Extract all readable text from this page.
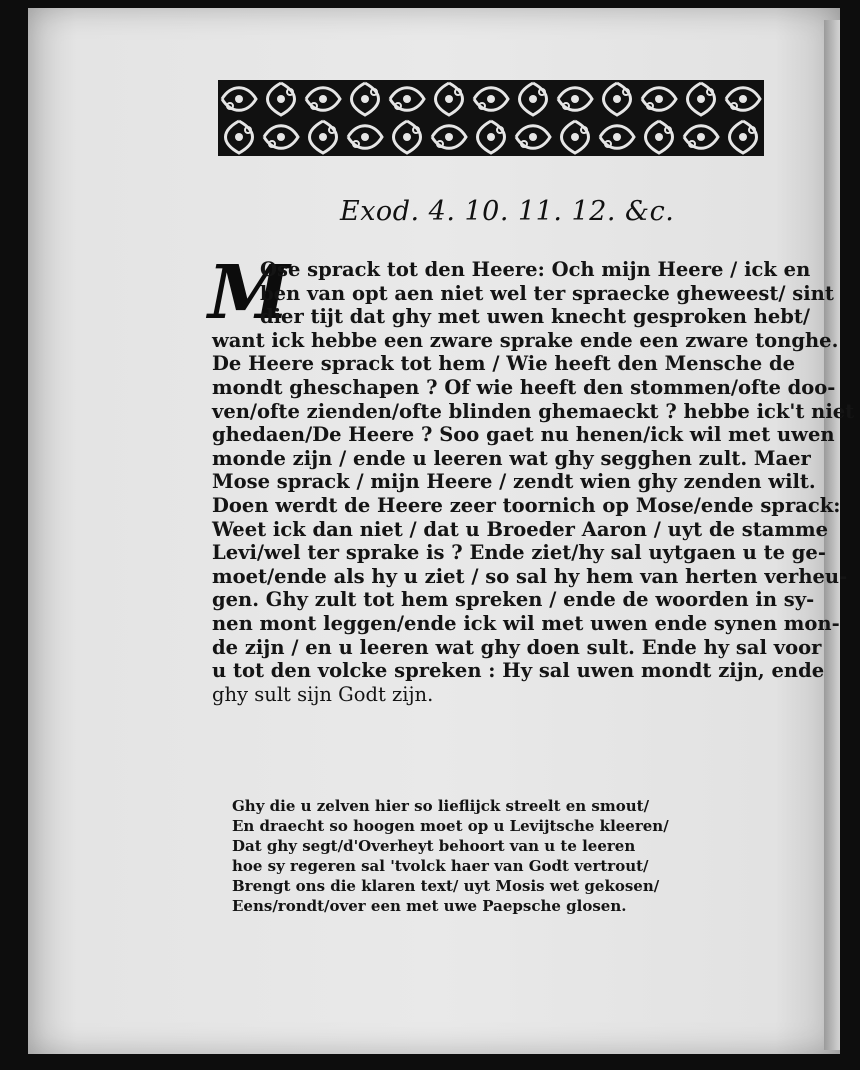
Exod. 4. 10. 11. 12. &c.
M
Ose sprack tot den Heere: Och mijn Heere / ick en
ben van opt aen niet wel ter spraecke gheweest/ sint
dier tijt dat ghy met uwen knecht gesproken hebt/
want ick hebbe een zware sprake ende een zware tonghe.
De Heere sprack tot hem / Wie heeft den Mensche de
mondt gheschapen ? Of wie heeft den stommen/ofte doo-
ven/ofte zienden/ofte blinden ghemaeckt ? hebbe ick't niet
ghedaen/De Heere ? Soo gaet nu henen/ick wil met uwen
monde zijn / ende u leeren wat ghy segghen zult. Maer
Mose sprack / mijn Heere / zendt wien ghy zenden wilt.
Doen werdt de Heere zeer toornich op Mose/ende sprack:
Weet ick dan niet / dat u Broeder Aaron / uyt de stamme
Levi/wel ter sprake is ? Ende ziet/hy sal uytgaen u te ge-
moet/ende als hy u ziet / so sal hy hem van herten verheu-
gen. Ghy zult tot hem spreken / ende de woorden in sy-
nen mont leggen/ende ick wil met uwen ende synen mon-
de zijn / en u leeren wat ghy doen sult. Ende hy sal voor
u tot den volcke spreken : Hy sal uwen mondt zijn, ende
ghy sult sijn Godt zijn.
Ghy die u zelven hier so lieflijck streelt en smout/
En draecht so hoogen moet op u Levijtsche kleeren/
Dat ghy segt/d'Overheyt behoort van u te leeren
hoe sy regeren sal 'tvolck haer van Godt vertrout/
Brengt ons die klaren text/ uyt Mosis wet gekosen/
Eens/rondt/over een met uwe Paepsche glosen.
